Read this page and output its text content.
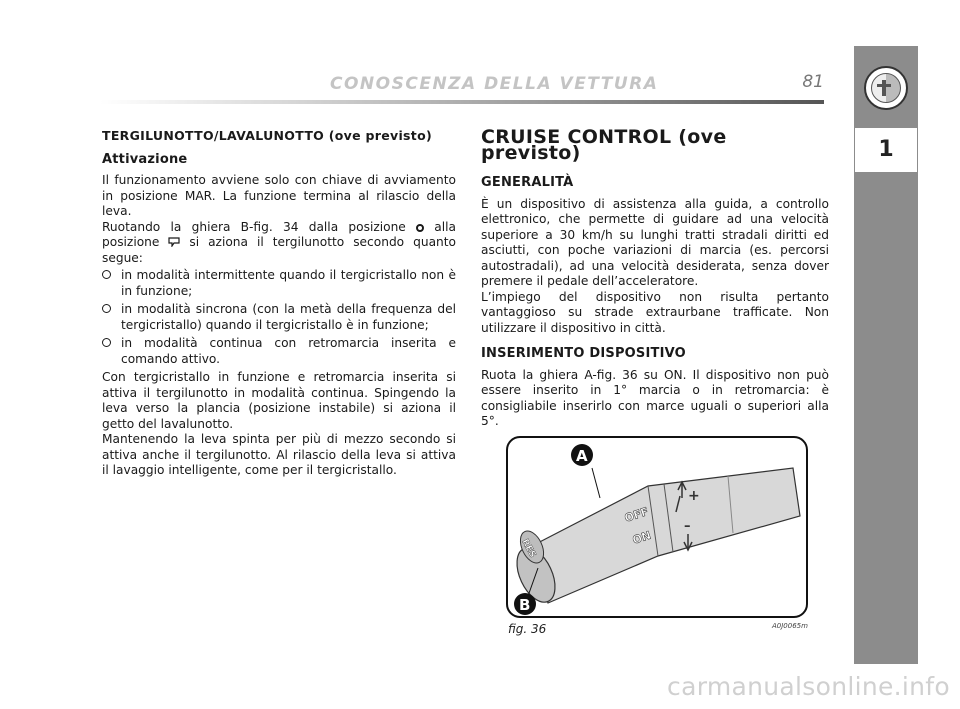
CONOSCENZA DELLA VETTURA	81
1
TERGILUNOTTO/LAVALUNOTTO (ove previsto)
Attivazione

Il funzionamento avviene solo con chiave di avviamento in posizione MAR. La funzione termina al rilascio della leva.

Ruotando la ghiera B-fig. 34 dalla posizione alla posizione si aziona il tergilunotto secondo quanto segue:

in modalità intermittente quando il tergicristallo non è in funzione;
in modalità sincrona (con la metà della frequenza del tergicristallo) quando il tergicristallo è in funzione;
in modalità continua con retromarcia inserita e comando attivo.

Con tergicristallo in funzione e retromarcia inserita si attiva il tergilunotto in modalità continua. Spingendo la leva verso la plancia (posizione instabile) si aziona il getto del lavalunotto.

Mantenendo la leva spinta per più di mezzo secondo si attiva anche il tergilunotto. Al rilascio della leva si attiva il lavaggio intelligente, come per il tergicristallo.

CRUISE CONTROL (ove previsto)
GENERALITÀ

È un dispositivo di assistenza alla guida, a controllo elettronico, che permette di guidare ad una velocità superiore a 30 km/h su lunghi tratti stradali diritti ed asciutti, con poche variazioni di marcia (es. percorsi autostradali), ad una velocità desiderata, senza dover premere il pedale dell’acceleratore.

L’impiego del dispositivo non risulta pertanto vantaggioso su strade extraurbane trafficate. Non utilizzare il dispositivo in città.

INSERIMENTO DISPOSITIVO

Ruota la ghiera A-fig. 36 su ON. Il dispositivo non può essere inserito in 1° marcia o in retromarcia: è consigliabile inserirlo con marce uguali o superiori alla 5°.

RES
OFF
ON
+
–
A
B
fig. 36	A0J0065m
carmanualsonline.info
